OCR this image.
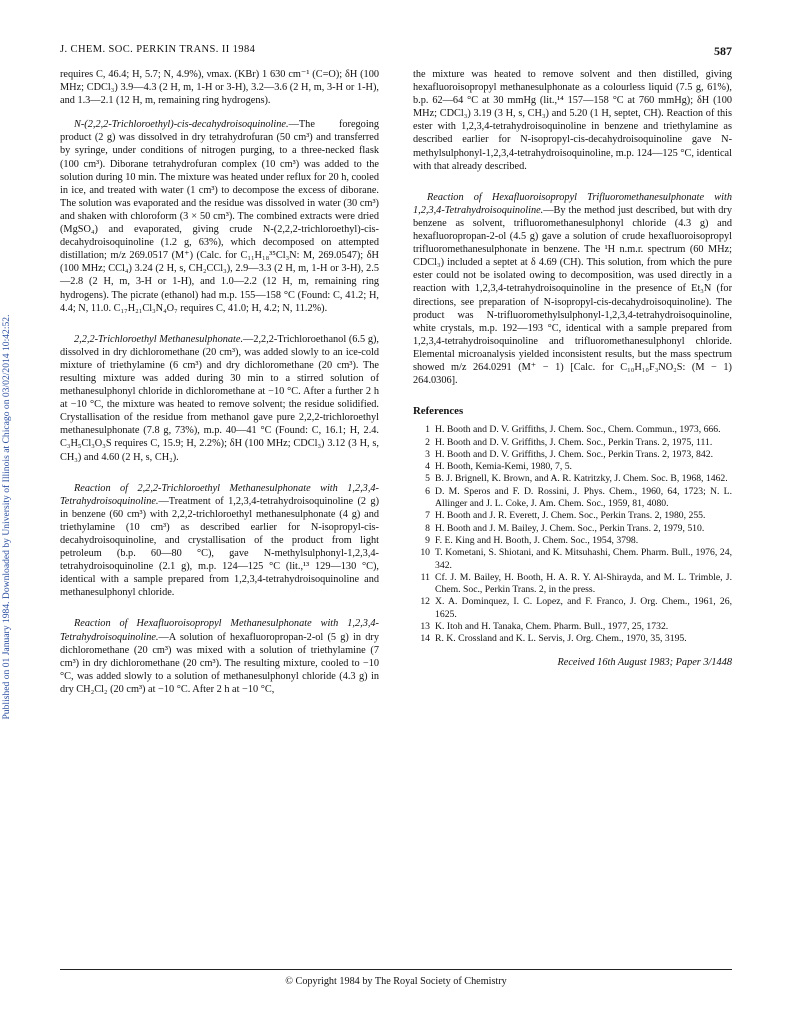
Published on 01 January 1984. Downloaded by University of Illinois at Chicago on 03/02/2014 10:42:52.
J. CHEM. SOC. PERKIN TRANS. II 1984	587

requires C, 46.4; H, 5.7; N, 4.9%), νmax. (KBr) 1 630 cm⁻¹ (C=O); δH (100 MHz; CDCl₃) 3.9—4.3 (2 H, m, 1-H or 3-H), 3.2—3.6 (2 H, m, 3-H or 1-H), and 1.3—2.1 (12 H, m, remaining ring hydrogens).

N-(2,2,2-Trichloroethyl)-cis-decahydroisoquinoline.—The foregoing product (2 g) was dissolved in dry tetrahydrofuran (50 cm³) and transferred by syringe, under conditions of nitrogen purging, to a three-necked flask (100 cm³). Diborane tetrahydrofuran complex (10 cm³) was added to the solution during 10 min. The mixture was heated under reflux for 20 h, cooled in ice, and treated with water (1 cm³) to decompose the excess of diborane. The solution was evaporated and the residue was dissolved in water (30 cm³) and shaken with chloroform (3 × 50 cm³). The combined extracts were dried (MgSO₄) and evaporated, giving crude N-(2,2,2-trichloroethyl)-cis-decahydroisoquinoline (1.2 g, 63%), which decomposed on attempted distillation; m/z 269.0517 (M⁺) (Calc. for C₁₁H₁₈³⁵Cl₃N: M, 269.0547); δH (100 MHz; CCl₄) 3.24 (2 H, s, CH₂CCl₃), 2.9—3.3 (2 H, m, 1-H or 3-H), 2.5—2.8 (2 H, m, 3-H or 1-H), and 1.0—2.2 (12 H, m, remaining ring hydrogens). The picrate (ethanol) had m.p. 155—158 °C (Found: C, 41.2; H, 4.4; N, 11.0. C₁₇H₂₁Cl₃N₄O₇ requires C, 41.0; H, 4.2; N, 11.2%).

2,2,2-Trichloroethyl Methanesulphonate.—2,2,2-Trichloroethanol (6.5 g), dissolved in dry dichloromethane (20 cm³), was added slowly to an ice-cold mixture of triethylamine (6 cm³) and dry dichloromethane (20 cm³). The resulting mixture was added during 30 min to a stirred solution of methanesulphonyl chloride in dichloromethane at −10 °C. After a further 2 h at −10 °C, the mixture was heated to remove solvent; the residue solidified. Crystallisation of the residue from methanol gave pure 2,2,2-trichloroethyl methanesulphonate (7.8 g, 73%), m.p. 40—41 °C (Found: C, 16.1; H, 2.4. C₃H₅Cl₃O₃S requires C, 15.9; H, 2.2%); δH (100 MHz; CDCl₃) 3.12 (3 H, s, CH₃) and 4.60 (2 H, s, CH₂).

Reaction of 2,2,2-Trichloroethyl Methanesulphonate with 1,2,3,4-Tetrahydroisoquinoline.—Treatment of 1,2,3,4-tetrahydroisoquinoline (2 g) in benzene (60 cm³) with 2,2,2-trichloroethyl methanesulphonate (4 g) and triethylamine (10 cm³) as described earlier for N-isopropyl-cis-decahydroisoquinoline, and crystallisation of the product from light petroleum (b.p. 60—80 °C), gave N-methylsulphonyl-1,2,3,4-tetrahydroisoquinoline (2.1 g), m.p. 124—125 °C (lit.,¹³ 129—130 °C), identical with a sample prepared from 1,2,3,4-tetrahydroisoquinoline and methanesulphonyl chloride.

Reaction of Hexafluoroisopropyl Methanesulphonate with 1,2,3,4-Tetrahydroisoquinoline.—A solution of hexafluoropropan-2-ol (5 g) in dry dichloromethane (20 cm³) was mixed with a solution of triethylamine (7 cm³) in dry dichloromethane (20 cm³). The resulting mixture, cooled to −10 °C, was added slowly to a solution of methanesulphonyl chloride (4.3 g) in dry CH₂Cl₂ (20 cm³) at −10 °C. After 2 h at −10 °C,

the mixture was heated to remove solvent and then distilled, giving hexafluoroisopropyl methanesulphonate as a colourless liquid (7.5 g, 61%), b.p. 62—64 °C at 30 mmHg (lit.,¹⁴ 157—158 °C at 760 mmHg); δH (100 MHz; CDCl₃) 3.19 (3 H, s, CH₃) and 5.20 (1 H, septet, CH). Reaction of this ester with 1,2,3,4-tetrahydroisoquinoline in benzene and triethylamine as described earlier for N-isopropyl-cis-decahydroisoquinoline gave N-methylsulphonyl-1,2,3,4-tetrahydroisoquinoline, m.p. 124—125 °C, identical with that already described.

Reaction of Hexafluoroisopropyl Trifluoromethanesulphonate with 1,2,3,4-Tetrahydroisoquinoline.—By the method just described, but with dry benzene as solvent, trifluoromethanesulphonyl chloride (4.3 g) and hexafluoropropan-2-ol (4.5 g) gave a solution of crude hexafluoroisopropyl trifluoromethanesulphonate in benzene. The ¹H n.m.r. spectrum (60 MHz; CDCl₃) included a septet at δ 4.69 (CH). This solution, from which the pure ester could not be isolated owing to decomposition, was used directly in a reaction with 1,2,3,4-tetrahydroisoquinoline in the presence of Et₃N (for directions, see preparation of N-isopropyl-cis-decahydroisoquinoline). The product was N-trifluoromethylsulphonyl-1,2,3,4-tetrahydroisoquinoline, white crystals, m.p. 192—193 °C, identical with a sample prepared from 1,2,3,4-tetrahydroisoquinoline and trifluoromethanesulphonyl chloride. Elemental microanalysis yielded inconsistent results, but the mass spectrum showed m/z 264.0291 (M⁺ − 1) [Calc. for C₁₀H₁₀F₃NO₂S: (M − 1) 264.0306].

References
1 H. Booth and D. V. Griffiths, J. Chem. Soc., Chem. Commun., 1973, 666.
2 H. Booth and D. V. Griffiths, J. Chem. Soc., Perkin Trans. 2, 1975, 111.
3 H. Booth and D. V. Griffiths, J. Chem. Soc., Perkin Trans. 2, 1973, 842.
4 H. Booth, Kemia-Kemi, 1980, 7, 5.
5 B. J. Brignell, K. Brown, and A. R. Katritzky, J. Chem. Soc. B, 1968, 1462.
6 D. M. Speros and F. D. Rossini, J. Phys. Chem., 1960, 64, 1723; N. L. Allinger and J. L. Coke, J. Am. Chem. Soc., 1959, 81, 4080.
7 H. Booth and J. R. Everett, J. Chem. Soc., Perkin Trans. 2, 1980, 255.
8 H. Booth and J. M. Bailey, J. Chem. Soc., Perkin Trans. 2, 1979, 510.
9 F. E. King and H. Booth, J. Chem. Soc., 1954, 3798.
10 T. Kometani, S. Shiotani, and K. Mitsuhashi, Chem. Pharm. Bull., 1976, 24, 342.
11 Cf. J. M. Bailey, H. Booth, H. A. R. Y. Al-Shirayda, and M. L. Trimble, J. Chem. Soc., Perkin Trans. 2, in the press.
12 X. A. Dominquez, I. C. Lopez, and F. Franco, J. Org. Chem., 1961, 26, 1625.
13 K. Itoh and H. Tanaka, Chem. Pharm. Bull., 1977, 25, 1732.
14 R. K. Crossland and K. L. Servis, J. Org. Chem., 1970, 35, 3195.
Received 16th August 1983; Paper 3/1448
© Copyright 1984 by The Royal Society of Chemistry
